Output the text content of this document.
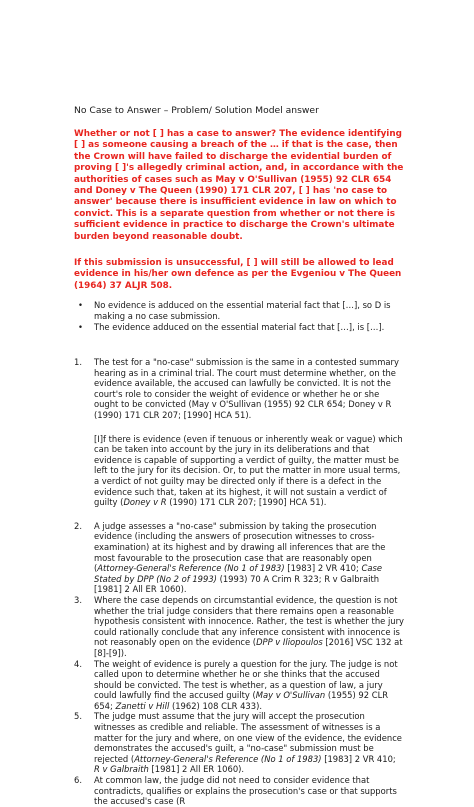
No Case to Answer – Problem/ Solution Model answer
Whether or not [ ] has a case to answer? The evidence identifying [ ] as someone causing a breach of the … if that is the case, then the Crown will have failed to discharge the evidential burden of proving [ ]'s allegedly criminal action, and, in accordance with the authorities of cases such as May v O'Sullivan (1955) 92 CLR 654 and Doney v The Queen (1990) 171 CLR 207, [ ] has 'no case to answer' because there is insufficient evidence in law on which to convict. This is a separate question from whether or not there is sufficient evidence in practice to discharge the Crown's ultimate burden beyond reasonable doubt.
If this submission is unsuccessful, [ ] will still be allowed to lead evidence in his/her own defence as per the Evgeniou v The Queen (1964) 37 ALJR 508.
• No evidence is adduced on the essential material fact that […], so D is making a no case submission.
• The evidence adduced on the essential material fact that […], is […].
1. The test for a "no-case" submission is the same in a contested summary hearing as in a criminal trial. The court must determine whether, on the evidence available, the accused can lawfully be convicted. It is not the court's role to consider the weight of evidence or whether he or she ought to be convicted (May v O'Sullivan (1955) 92 CLR 654; Doney v R (1990) 171 CLR 207; [1990] HCA 51).
[I]f there is evidence (even if tenuous or inherently weak or vague) which can be taken into account by the jury in its deliberations and that evidence is capable of supporting a verdict of guilty, the matter must be left to the jury for its decision. Or, to put the matter in more usual terms, a verdict of not guilty may be directed only if there is a defect in the evidence such that, taken at its highest, it will not sustain a verdict of guilty (Doney v R (1990) 171 CLR 207; [1990] HCA 51).
2. A judge assesses a "no-case" submission by taking the prosecution evidence (including the answers of prosecution witnesses to cross-examination) at its highest and by drawing all inferences that are the most favourable to the prosecution case that are reasonably open (Attorney-General's Reference (No 1 of 1983) [1983] 2 VR 410; Case Stated by DPP (No 2 of 1993) (1993) 70 A Crim R 323; R v Galbraith [1981] 2 All ER 1060).
3. Where the case depends on circumstantial evidence, the question is not whether the trial judge considers that there remains open a reasonable hypothesis consistent with innocence. Rather, the test is whether the jury could rationally conclude that any inference consistent with innocence is not reasonably open on the evidence (DPP v Iliopoulos [2016] VSC 132 at [8]-[9]).
4. The weight of evidence is purely a question for the jury. The judge is not called upon to determine whether he or she thinks that the accused should be convicted. The test is whether, as a question of law, a jury could lawfully find the accused guilty (May v O'Sullivan (1955) 92 CLR 654; Zanetti v Hill (1962) 108 CLR 433).
5. The judge must assume that the jury will accept the prosecution witnesses as credible and reliable. The assessment of witnesses is a matter for the jury and where, on one view of the evidence, the evidence demonstrates the accused's guilt, a "no-case" submission must be rejected (Attorney-General's Reference (No 1 of 1983) [1983] 2 VR 410; R v Galbraith [1981] 2 All ER 1060).
6. At common law, the judge did not need to consider evidence that contradicts, qualifies or explains the prosecution's case or that supports the accused's case (R
